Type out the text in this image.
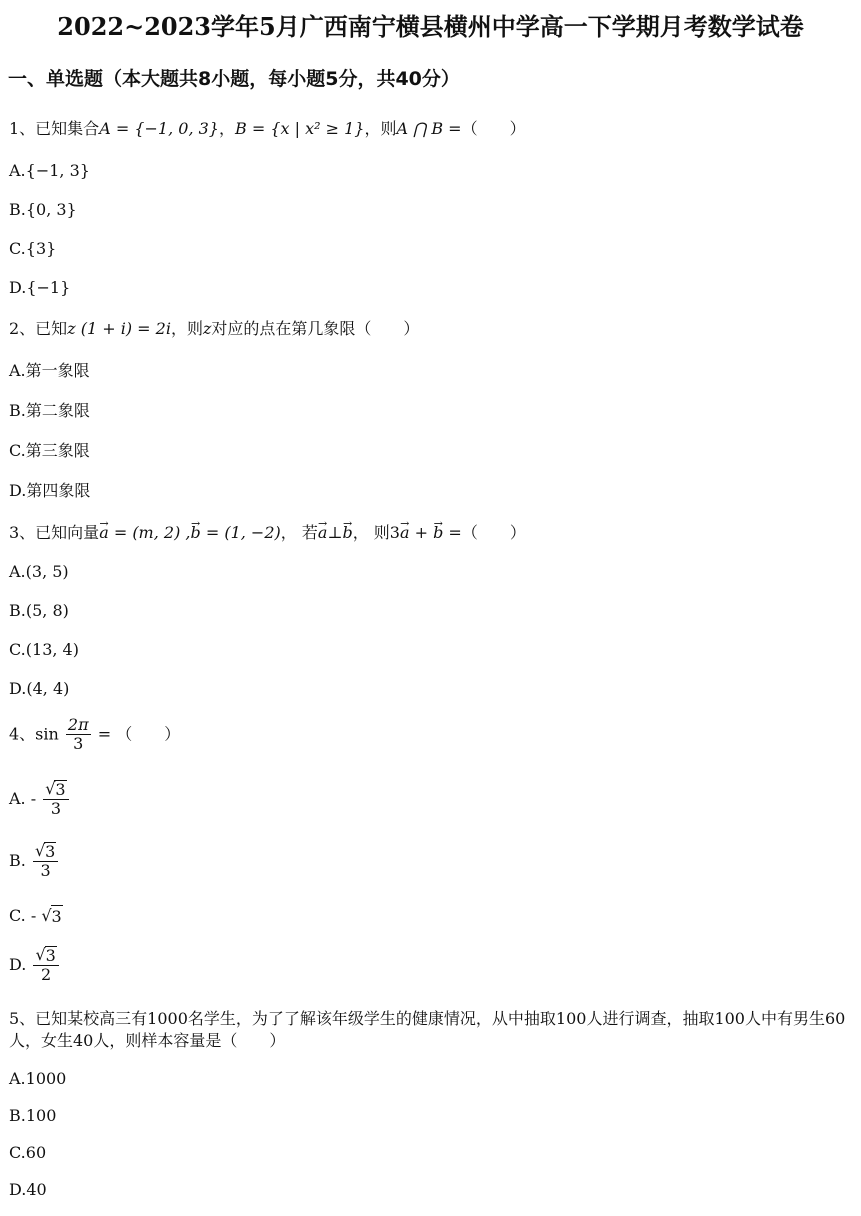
2022~2023学年5月广西南宁横县横州中学高一下学期月考数学试卷
一、单选题（本大题共8小题，每小题5分，共40分）
1、已知集合A = {−1, 0, 3}，B = {x | x² ≥ 1}，则A ⋂ B =（　　）
A.{−1, 3}
B.{0, 3}
C.{3}
D.{−1}
2、已知z (1 + i) = 2i，则z对应的点在第几象限（　　）
A.第一象限
B.第二象限
C.第三象限
D.第四象限
3、已知向量→ a = (m, 2) ,→ b = (1, −2)， 若→ a⊥→ b， 则3→ a + → b =（　　）
A.(3, 5)
B.(5, 8)
C.(13, 4)
D.(4, 4)
4、$\sin \frac{2\pi}{3}$ = （　　）
A. - $\frac{√ 3}{3}$
B. $\frac{√ 3}{3}$
C. - √ 3
D. $\frac{√ 3}{2}$
5、已知某校高三有1000名学生，为了了解该年级学生的健康情况，从中抽取100人进行调查，抽取100人中有男生60人，女生40人，则样本容量是（　　）
A.1000
B.100
C.60
D.40
